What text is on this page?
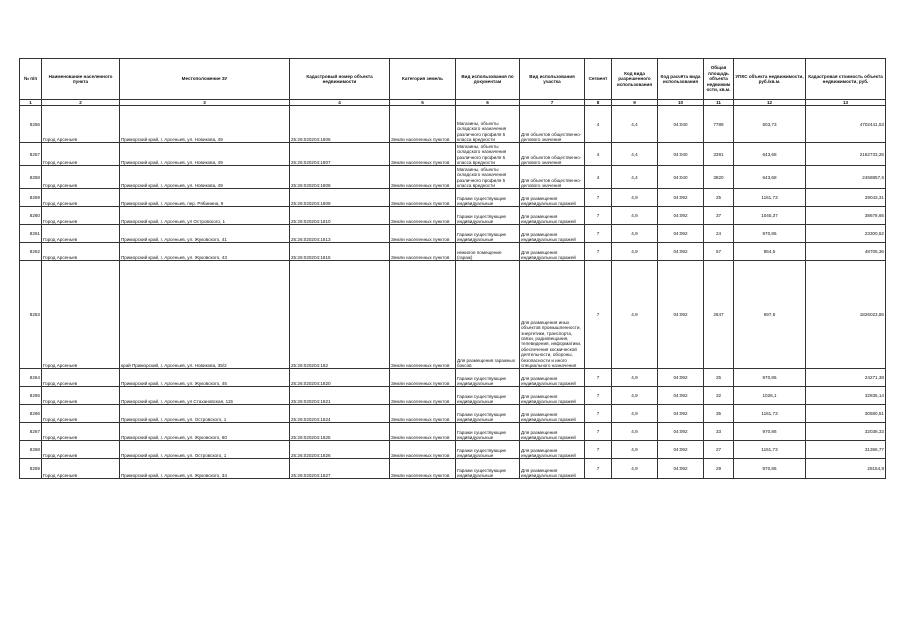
№ п/п	Наименование населенного пункта	Местоположение ЗУ	Кадастровый номер объекта недвижимости	Категория земель	Вид использования по документам	Вид использования участка	Сегмент	Код вида разрешенного использования	Код расчёта вида использования	Общая площадь объекта недвижим ости, кв.м.	УПКС объекта недвижимости, руб./кв.м.	Кадастровая стоимость объекта недвижимости, руб.
1	2	3	4	5	6	7	8	9	10	11	12	13
8256	Город Арсеньев	Приморский край, г. Арсеньев, ул. Новикова, 49	25:26:020204:1806	Земли населенных пунктов	Магазины, объекты складского назначения различного профиля 5 класса вредности	Для объектов общественно-делового значения	4	4,4	04:040	7789	603,73	4702441,53
8257	Город Арсеньев	Приморский край, г. Арсеньев, ул. Новикова, 49	25:26:020204:1807	Земли населенных пунктов	Магазины, объекты складского назначения различного профиля 5 класса вредности	Для объектов общественно-делового значения	4	4,4	04:040	3391	643,68	2182733,26
8258	Город Арсеньев	Приморский край, г. Арсеньев, ул. Новикова, 49	25:26:020204:1808	Земли населенных пунктов	Магазины, объекты складского назначения различного профиля 5 класса вредности	Для объектов общественно-делового значения	4	4,4	04:040	3820	643,68	2458857,6
8259	Город Арсеньев	Приморский край, г. Арсеньев, пер. Рябинина, 9	25:26:020204:1809	Земли населенных пунктов	Гаражи существующие индивидуальные	Для размещения индивидуальных гаражей	7	4,9	04:092	25	1161,73	29043,31
8260	Город Арсеньев	Приморский край, г. Арсеньев, ул Островского, 1	25:26:020204:1810	Земли населенных пунктов	Гаражи существующие индивидуальные	Для размещения индивидуальных гаражей	7	4,9	04:092	37	1045,37	38678,66
8261	Город Арсеньев	Приморский край, г. Арсеньев, ул. Жуковского, 41	25:26:020204:1813	Земли населенных пунктов	Гаражи существующие индивидуальные	Для размещения индивидуальных гаражей	7	4,9	04:092	24	970,86	23300,52
8262	Город Арсеньев	Приморский край, г. Арсеньев, ул. Жуковского, 43	25:26:020204:1815	Земли населенных пунктов	нежилое помещение (гараж)	Для размещения индивидуальных гаражей	7	4,9	04:092	57	854,5	48706,36
8263	Город Арсеньев	край Приморский, г. Арсеньев, ул. Новикова, 35/2	25:26:020204:182	Земли населенных пунктов	Для размещения гаражных боксов	Для размещения иных объектов промышленности, энергетики, транспорта, связи, радиовещания, телевидения, информатики, обеспечения космической деятельности, обороны, безопасности и иного специального назначения	7	4,9	04:092	2647	697,6	1826023,86
8264	Город Арсеньев	Приморский край, г. Арсеньев, ул. Жуковского, 45	25:26:020204:1820	Земли населенных пунктов	Гаражи существующие индивидуальные	Для размещения индивидуальных гаражей	7	4,9	04:092	25	970,86	24271,38
8265	Город Арсеньев	Приморский край, г. Арсеньев, ул Стахановская, 115	25:26:020204:1821	Земли населенных пунктов	Гаражи существующие индивидуальные	Для размещения индивидуальных гаражей	7	4,9	04:092	32	1026,1	32835,14
8266	Город Арсеньев	Приморский край, г. Арсеньев, ул. Островского, 1	25:26:020204:1824	Земли населенных пунктов	Гаражи существующие индивидуальные	Для размещения индивидуальных гаражей	7	4,9	04:092	35	1161,73	30580,51
8267	Город Арсеньев	Приморский край, г. Арсеньев, ул. Жуковского, 60	25:26:020204:1825	Земли населенных пунктов	Гаражи существующие индивидуальные	Для размещения индивидуальных гаражей	7	4,9	04:092	33	970,86	32038,33
8268	Город Арсеньев	Приморский край, г. Арсеньев, ул. Островского, 1	25:26:020204:1826	Земли населенных пунктов	Гаражи существующие индивидуальные	Для размещения индивидуальных гаражей	7	4,9	04:092	27	1161,73	31366,77
8269	Город Арсеньев	Приморский край, г. Арсеньев, ул. Жуковского, 34	25:26:020204:1827	Земли населенных пунктов	Гаражи существующие индивидуальные	Для размещения индивидуальных гаражей	7	4,9	04:092	29	970,86	28154,8
